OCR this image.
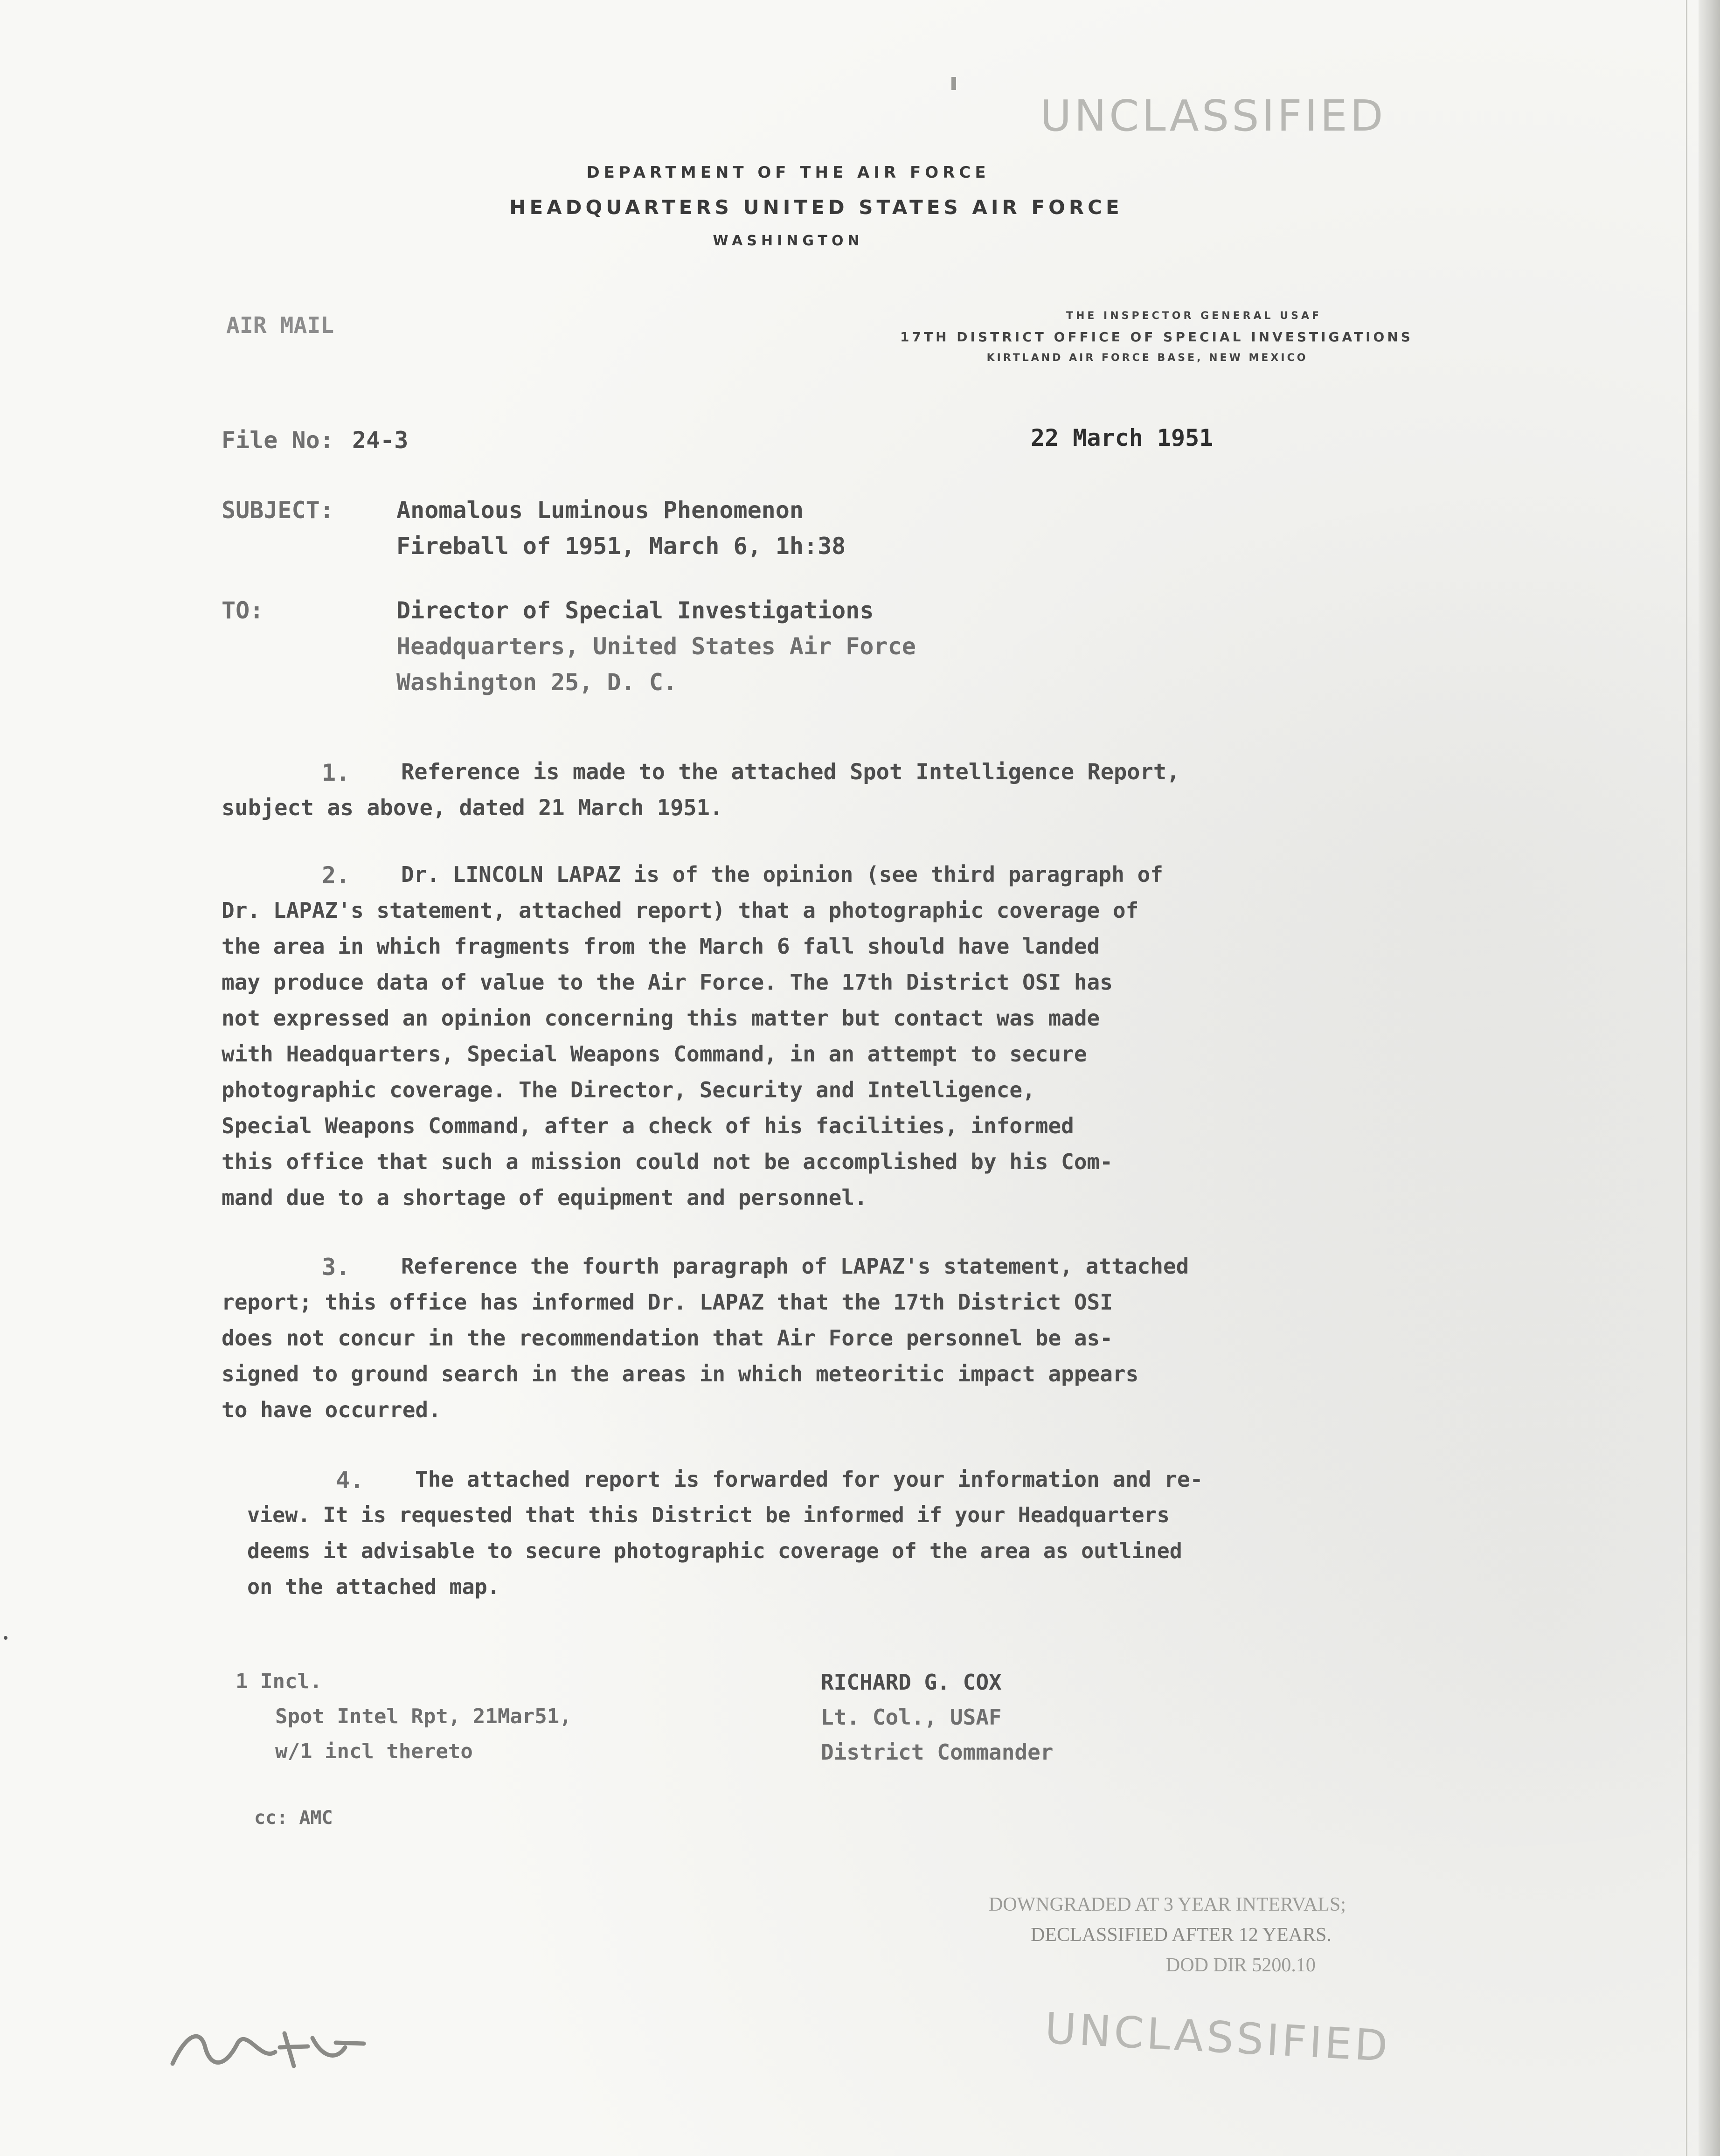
UNCLASSIFIED
DEPARTMENT OF THE AIR FORCE
HEADQUARTERS UNITED STATES AIR FORCE
WASHINGTON
AIR MAIL	THE INSPECTOR GENERAL USAF
17TH DISTRICT OFFICE OF SPECIAL INVESTIGATIONS
KIRTLAND AIR FORCE BASE, NEW MEXICO
File No: 24-3	22 March 1951
SUBJECT:	Anomalous Luminous Phenomenon
Fireball of 1951, March 6, 1h:38
TO:	Director of Special Investigations
Headquarters, United States Air Force
Washington 25, D. C.
1. Reference is made to the attached Spot Intelligence Report,
subject as above, dated 21 March 1951.
2. Dr. LINCOLN LAPAZ is of the opinion (see third paragraph of
Dr. LAPAZ's statement, attached report) that a photographic coverage of
the area in which fragments from the March 6 fall should have landed
may produce data of value to the Air Force. The 17th District OSI has
not expressed an opinion concerning this matter but contact was made
with Headquarters, Special Weapons Command, in an attempt to secure
photographic coverage. The Director, Security and Intelligence,
Special Weapons Command, after a check of his facilities, informed
this office that such a mission could not be accomplished by his Com-
mand due to a shortage of equipment and personnel.
3. Reference the fourth paragraph of LAPAZ's statement, attached
report; this office has informed Dr. LAPAZ that the 17th District OSI
does not concur in the recommendation that Air Force personnel be as-
signed to ground search in the areas in which meteoritic impact appears
to have occurred.
4. The attached report is forwarded for your information and re-
view. It is requested that this District be informed if your Headquarters
deems it advisable to secure photographic coverage of the area as outlined
on the attached map.
1 Incl.
Spot Intel Rpt, 21Mar51,
w/1 incl thereto
RICHARD G. COX
Lt. Col., USAF
District Commander
cc: AMC
DOWNGRADED AT 3 YEAR INTERVALS;
DECLASSIFIED AFTER 12 YEARS.
DOD DIR 5200.10
UNCLASSIFIED
